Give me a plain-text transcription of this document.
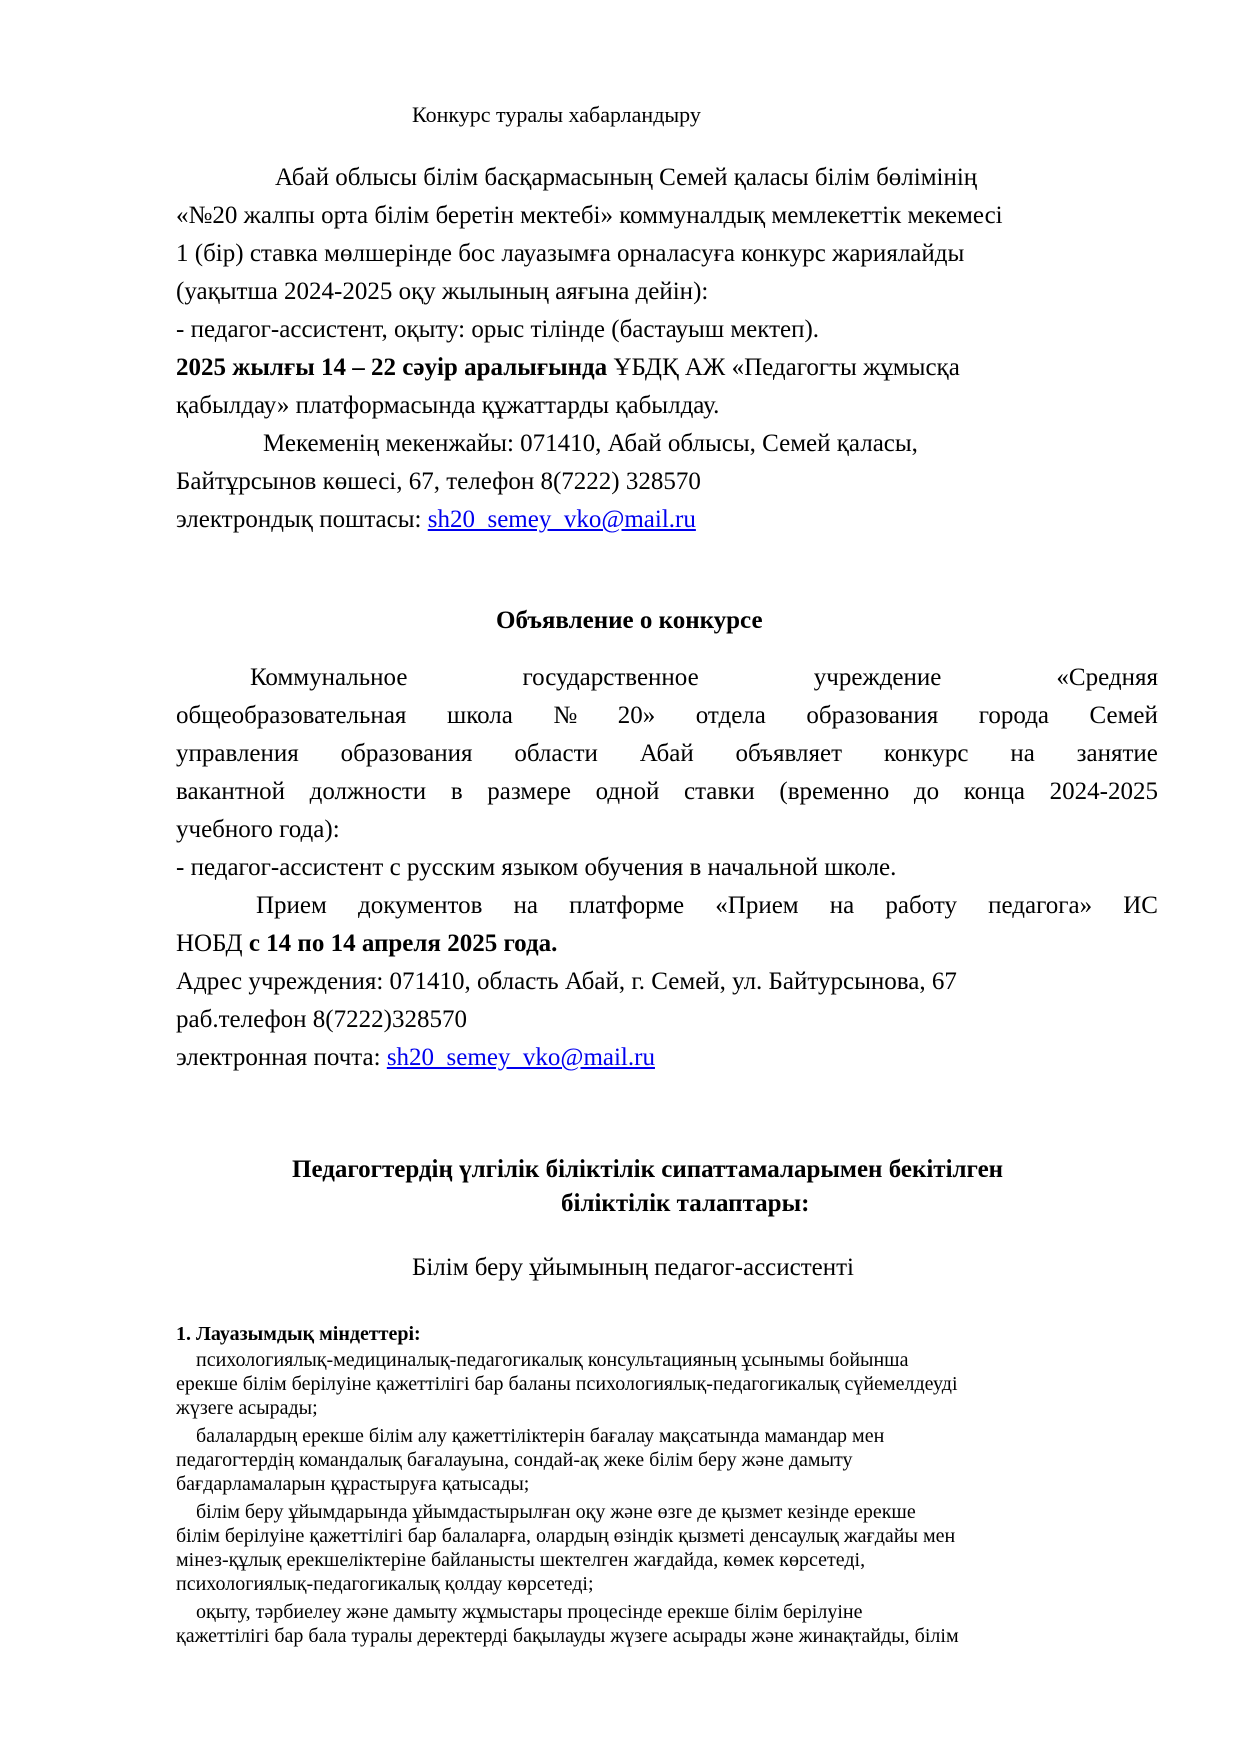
Конкурс туралы хабарландыру
Абай облысы білім басқармасының Семей қаласы білім бөлімінің
«№20 жалпы орта білім беретін мектебі» коммуналдық мемлекеттік мекемесі
1 (бір) ставка мөлшерінде бос лауазымға орналасуға конкурс жариялайды
(уақытша 2024-2025 оқу жылының аяғына дейін):
- педагог-ассистент, оқыту: орыс тілінде (бастауыш мектеп).
2025 жылғы 14 – 22 сәуір аралығында ҰБДҚ АЖ «Педагогты жұмысқа
қабылдау» платформасында құжаттарды қабылдау.
Мекеменің мекенжайы: 071410, Абай облысы, Семей қаласы,
Байтұрсынов көшесі, 67, телефон 8(7222) 328570
электрондық поштасы: sh20_semey_vko@mail.ru
Объявление о конкурсе
Коммунальное	государственное	учреждение	«Средняя
общеобразовательная школа № 20» отдела образования города Семей
управления образования области Абай объявляет конкурс на занятие
вакантной должности в размере одной ставки (временно до конца 2024-2025
учебного года):
- педагог-ассистент с русским языком обучения в начальной школе.
Прием документов на платформе «Прием на работу педагога» ИС
НОБД с 14 по 14 апреля 2025 года.
Адрес учреждения: 071410, область Абай, г. Семей, ул. Байтурсынова, 67
раб.телефон 8(7222)328570
электронная почта: sh20_semey_vko@mail.ru
Педагогтердің үлгілік біліктілік сипаттамаларымен бекітілген
біліктілік талаптары:
Білім беру ұйымының педагог-ассистенті
1. Лауазымдық міндеттері:
психологиялық-медициналық-педагогикалық консультацияның ұсынымы бойынша
ерекше білім берілуіне қажеттілігі бар баланы психологиялық-педагогикалық сүйемелдеуді
жүзеге асырады;
балалардың ерекше білім алу қажеттіліктерін бағалау мақсатында мамандар мен
педагогтердің командалық бағалауына, сондай-ақ жеке білім беру және дамыту
бағдарламаларын құрастыруға қатысады;
білім беру ұйымдарында ұйымдастырылған оқу және өзге де қызмет кезінде ерекше
білім берілуіне қажеттілігі бар балаларға, олардың өзіндік қызметі денсаулық жағдайы мен
мінез-құлық ерекшеліктеріне байланысты шектелген жағдайда, көмек көрсетеді,
психологиялық-педагогикалық қолдау көрсетеді;
оқыту, тәрбиелеу және дамыту жұмыстары процесінде ерекше білім берілуіне
қажеттілігі бар бала туралы деректерді бақылауды жүзеге асырады және жинақтайды, білім
